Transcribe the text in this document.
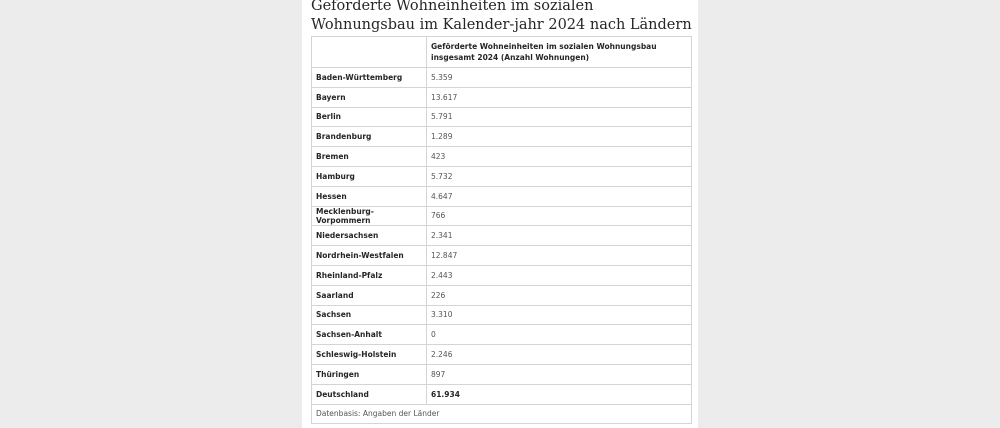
Geförderte Wohneinheiten im sozialen Wohnungsbau im Kalender-jahr 2024 nach Ländern
	Geförderte Wohneinheiten im sozialen Wohnungsbau insgesamt 2024 (Anzahl Wohnungen)
Baden-Württemberg	5.359
Bayern	13.617
Berlin	5.791
Brandenburg	1.289
Bremen	423
Hamburg	5.732
Hessen	4.647
Mecklenburg-Vorpommern	766
Niedersachsen	2.341
Nordrhein-Westfalen	12.847
Rheinland-Pfalz	2.443
Saarland	226
Sachsen	3.310
Sachsen-Anhalt	0
Schleswig-Holstein	2.246
Thüringen	897
Deutschland	61.934
Datenbasis: Angaben der Länder	
